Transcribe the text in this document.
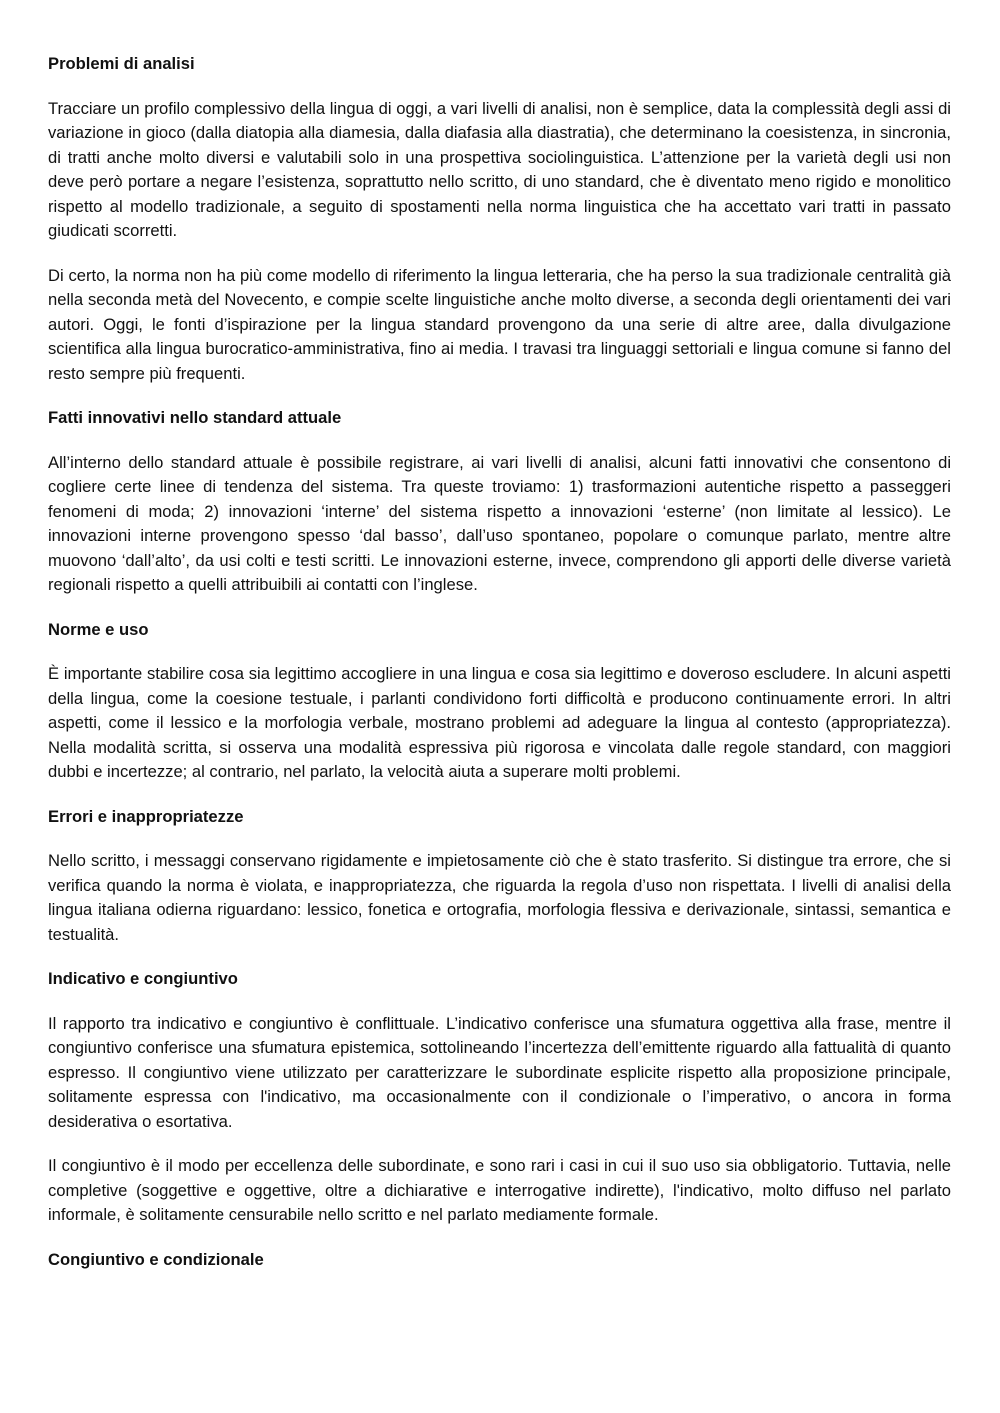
Problemi di analisi

Tracciare un profilo complessivo della lingua di oggi, a vari livelli di analisi, non è semplice, data la complessità degli assi di variazione in gioco (dalla diatopia alla diamesia, dalla diafasia alla diastratia), che determinano la coesistenza, in sincronia, di tratti anche molto diversi e valutabili solo in una prospettiva sociolinguistica. L’attenzione per la varietà degli usi non deve però portare a negare l’esistenza, soprattutto nello scritto, di uno standard, che è diventato meno rigido e monolitico rispetto al modello tradizionale, a seguito di spostamenti nella norma linguistica che ha accettato vari tratti in passato giudicati scorretti.

Di certo, la norma non ha più come modello di riferimento la lingua letteraria, che ha perso la sua tradizionale centralità già nella seconda metà del Novecento, e compie scelte linguistiche anche molto diverse, a seconda degli orientamenti dei vari autori. Oggi, le fonti d’ispirazione per la lingua standard provengono da una serie di altre aree, dalla divulgazione scientifica alla lingua burocratico-amministrativa, fino ai media. I travasi tra linguaggi settoriali e lingua comune si fanno del resto sempre più frequenti.

Fatti innovativi nello standard attuale

All’interno dello standard attuale è possibile registrare, ai vari livelli di analisi, alcuni fatti innovativi che consentono di cogliere certe linee di tendenza del sistema. Tra queste troviamo: 1) trasformazioni autentiche rispetto a passeggeri fenomeni di moda; 2) innovazioni ‘interne’ del sistema rispetto a innovazioni ‘esterne’ (non limitate al lessico). Le innovazioni interne provengono spesso ‘dal basso’, dall’uso spontaneo, popolare o comunque parlato, mentre altre muovono ‘dall’alto’, da usi colti e testi scritti. Le innovazioni esterne, invece, comprendono gli apporti delle diverse varietà regionali rispetto a quelli attribuibili ai contatti con l’inglese.

Norme e uso

È importante stabilire cosa sia legittimo accogliere in una lingua e cosa sia legittimo e doveroso escludere. In alcuni aspetti della lingua, come la coesione testuale, i parlanti condividono forti difficoltà e producono continuamente errori. In altri aspetti, come il lessico e la morfologia verbale, mostrano problemi ad adeguare la lingua al contesto (appropriatezza). Nella modalità scritta, si osserva una modalità espressiva più rigorosa e vincolata dalle regole standard, con maggiori dubbi e incertezze; al contrario, nel parlato, la velocità aiuta a superare molti problemi.

Errori e inappropriatezze

Nello scritto, i messaggi conservano rigidamente e impietosamente ciò che è stato trasferito. Si distingue tra errore, che si verifica quando la norma è violata, e inappropriatezza, che riguarda la regola d’uso non rispettata. I livelli di analisi della lingua italiana odierna riguardano: lessico, fonetica e ortografia, morfologia flessiva e derivazionale, sintassi, semantica e testualità.

Indicativo e congiuntivo

Il rapporto tra indicativo e congiuntivo è conflittuale. L’indicativo conferisce una sfumatura oggettiva alla frase, mentre il congiuntivo conferisce una sfumatura epistemica, sottolineando l’incertezza dell’emittente riguardo alla fattualità di quanto espresso. Il congiuntivo viene utilizzato per caratterizzare le subordinate esplicite rispetto alla proposizione principale, solitamente espressa con l'indicativo, ma occasionalmente con il condizionale o l’imperativo, o ancora in forma desiderativa o esortativa.

Il congiuntivo è il modo per eccellenza delle subordinate, e sono rari i casi in cui il suo uso sia obbligatorio. Tuttavia, nelle completive (soggettive e oggettive, oltre a dichiarative e interrogative indirette), l'indicativo, molto diffuso nel parlato informale, è solitamente censurabile nello scritto e nel parlato mediamente formale.

Congiuntivo e condizionale
